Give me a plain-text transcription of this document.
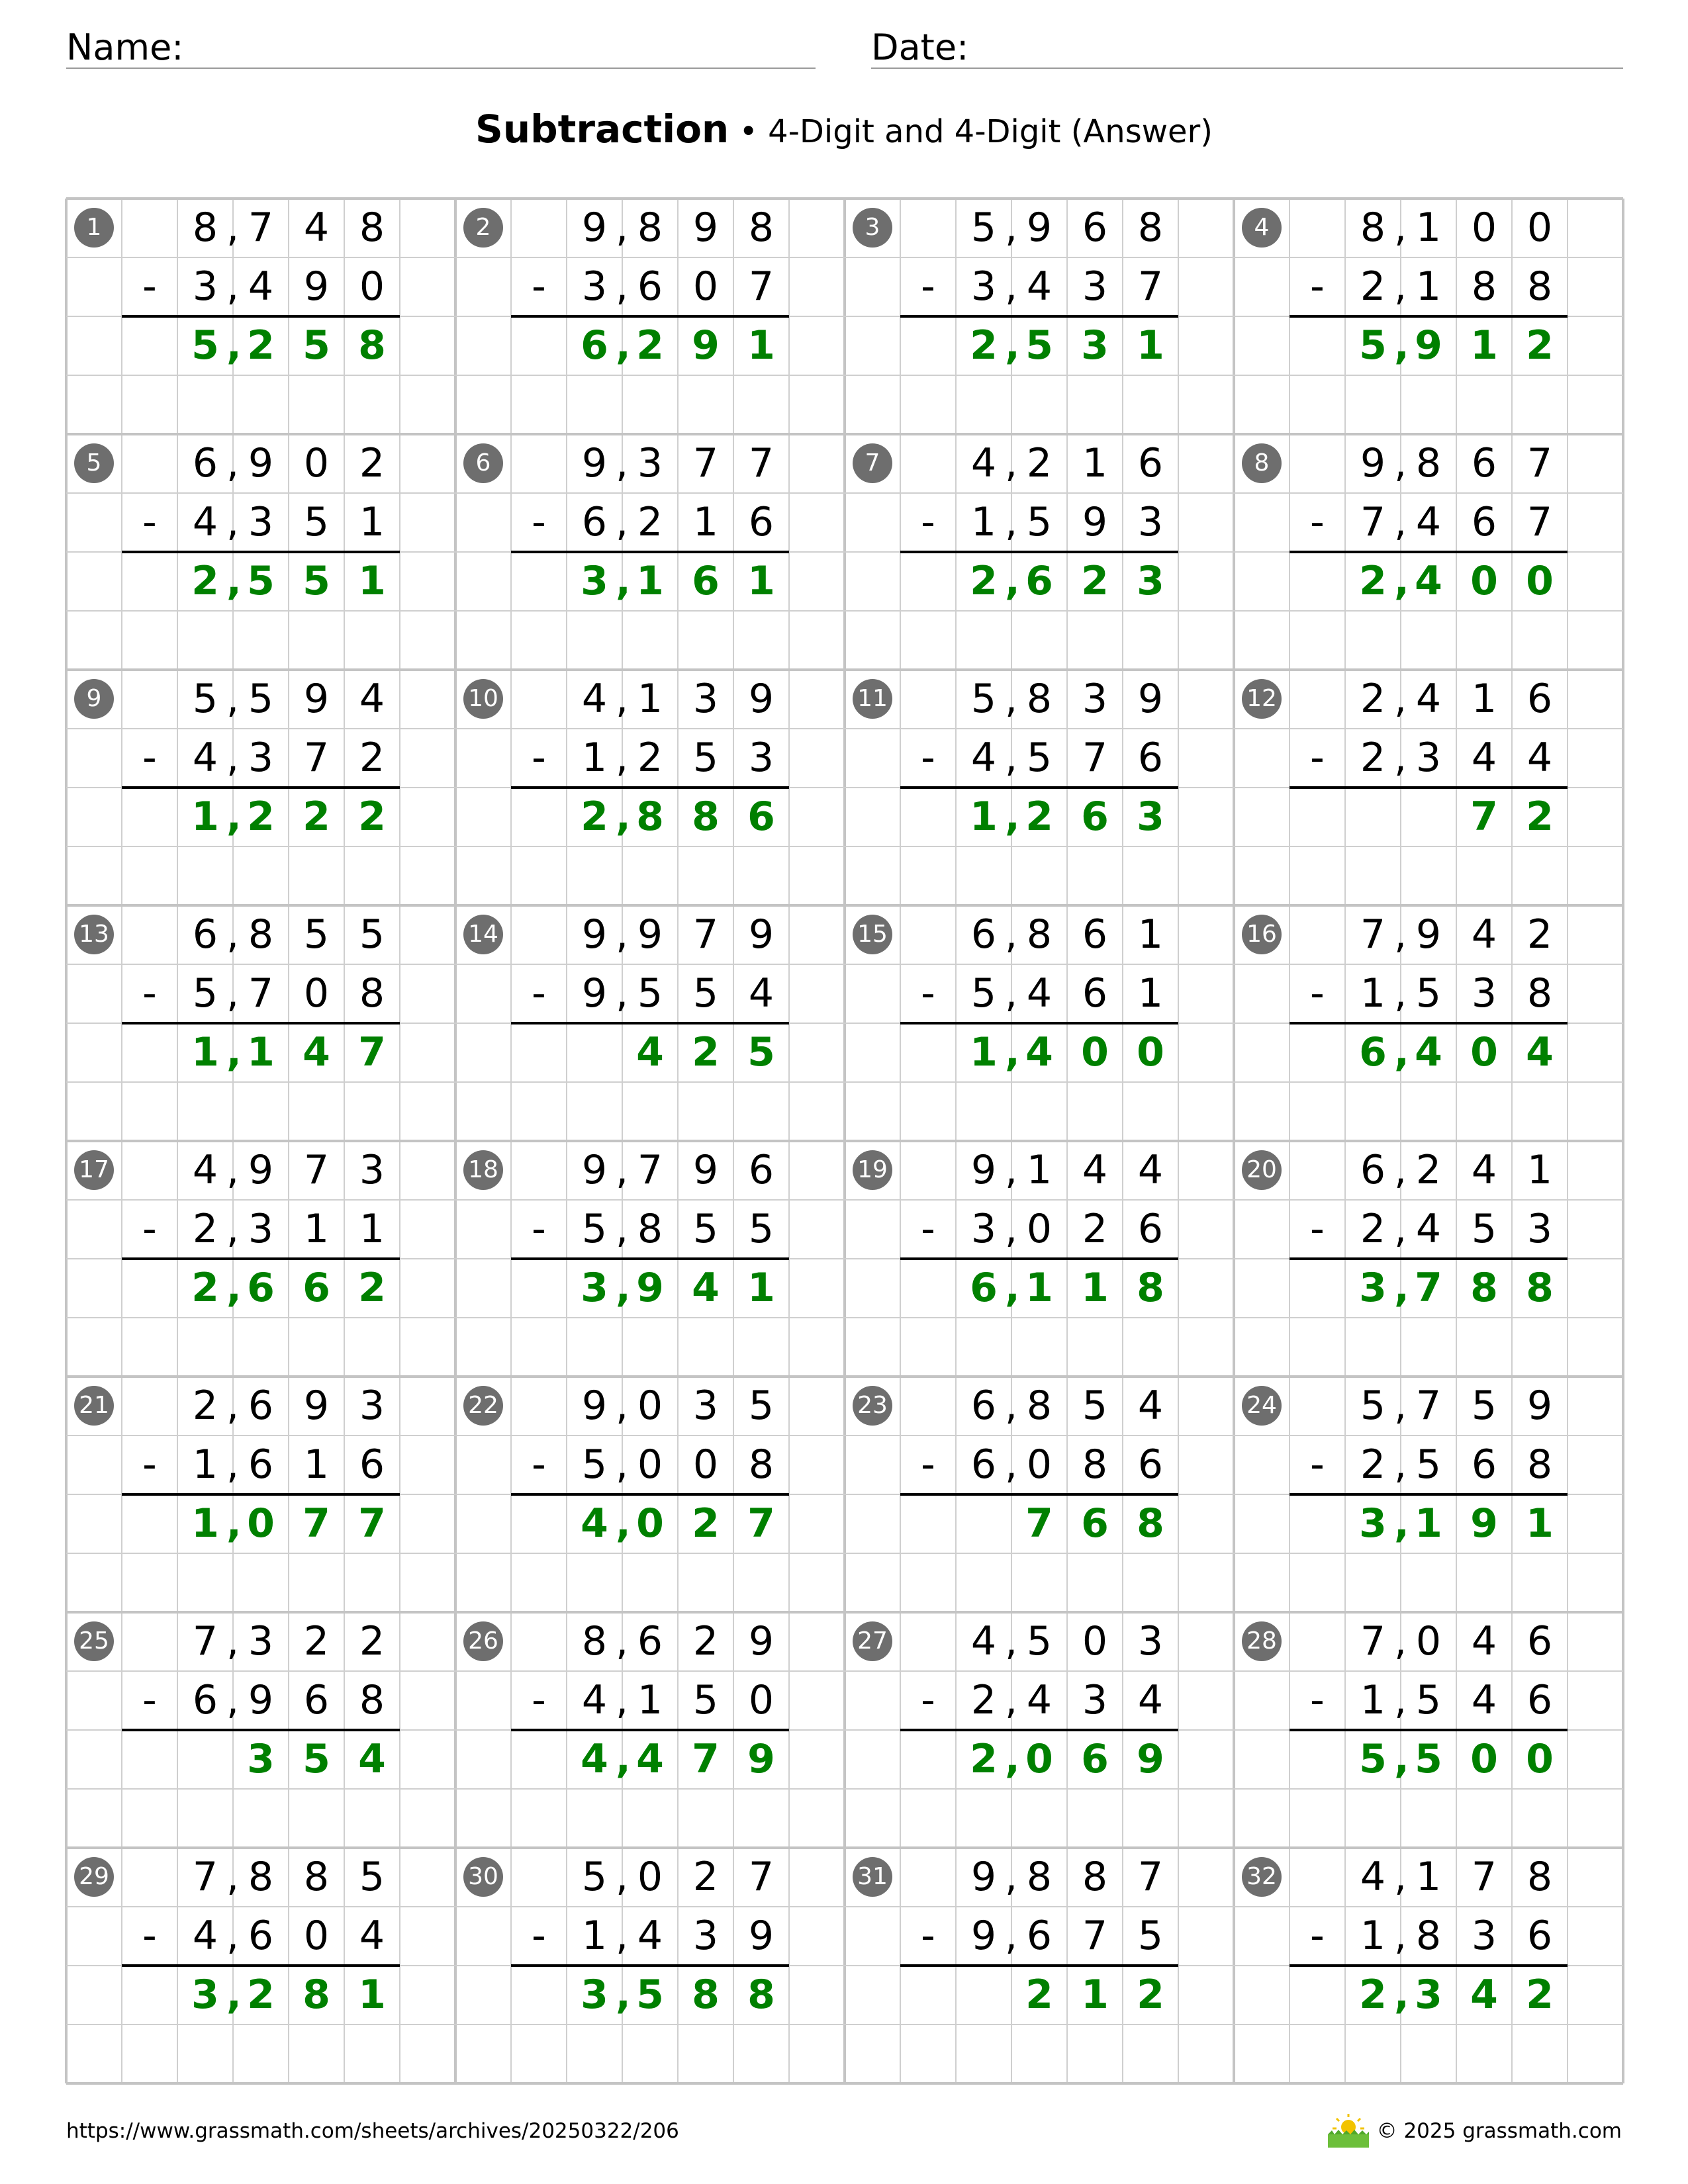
Name:	Date:
Subtraction • 4-Digit and 4-Digit (Answer)
1
-
8 7 4 8
,
3 4 9 0
,
5 2 5 8
,
2
-
9 8 9 8
,
3 6 0 7
,
6 2 9 1
,
3
-
5 9 6 8
,
3 4 3 7
,
2 5 3 1
,
4
-
8 1 0 0
,
2 1 8 8
,
5 9 1 2
,
5
-
6 9 0 2
,
4 3 5 1
,
2 5 5 1
,
6
-
9 3 7 7
,
6 2 1 6
,
3 1 6 1
,
7
-
4 2 1 6
,
1 5 9 3
,
2 6 2 3
,
8
-
9 8 6 7
,
7 4 6 7
,
2 4 0 0
,
9
-
5 5 9 4
,
4 3 7 2
,
1 2 2 2
,
10
-
4 1 3 9
,
1 2 5 3
,
2 8 8 6
,
11
-
5 8 3 9
,
4 5 7 6
,
1 2 6 3
,
12
-
2 4 1 6
,
2 3 4 4
,
7 2
13
-
6 8 5 5
,
5 7 0 8
,
1 1 4 7
,
14
-
9 9 7 9
,
9 5 5 4
,
4 2 5
15
-
6 8 6 1
,
5 4 6 1
,
1 4 0 0
,
16
-
7 9 4 2
,
1 5 3 8
,
6 4 0 4
,
17
-
4 9 7 3
,
2 3 1 1
,
2 6 6 2
,
18
-
9 7 9 6
,
5 8 5 5
,
3 9 4 1
,
19
-
9 1 4 4
,
3 0 2 6
,
6 1 1 8
,
20
-
6 2 4 1
,
2 4 5 3
,
3 7 8 8
,
21
-
2 6 9 3
,
1 6 1 6
,
1 0 7 7
,
22
-
9 0 3 5
,
5 0 0 8
,
4 0 2 7
,
23
-
6 8 5 4
,
6 0 8 6
,
7 6 8
24
-
5 7 5 9
,
2 5 6 8
,
3 1 9 1
,
25
-
7 3 2 2
,
6 9 6 8
,
3 5 4
26
-
8 6 2 9
,
4 1 5 0
,
4 4 7 9
,
27
-
4 5 0 3
,
2 4 3 4
,
2 0 6 9
,
28
-
7 0 4 6
,
1 5 4 6
,
5 5 0 0
,
29
-
7 8 8 5
,
4 6 0 4
,
3 2 8 1
,
30
-
5 0 2 7
,
1 4 3 9
,
3 5 8 8
,
31
-
9 8 8 7
,
9 6 7 5
,
2 1 2
32
-
4 1 7 8
,
1 8 3 6
,
2 3 4 2
,
https://www.grassmath.com/sheets/archives/20250322/206	© 2025 grassmath.com
